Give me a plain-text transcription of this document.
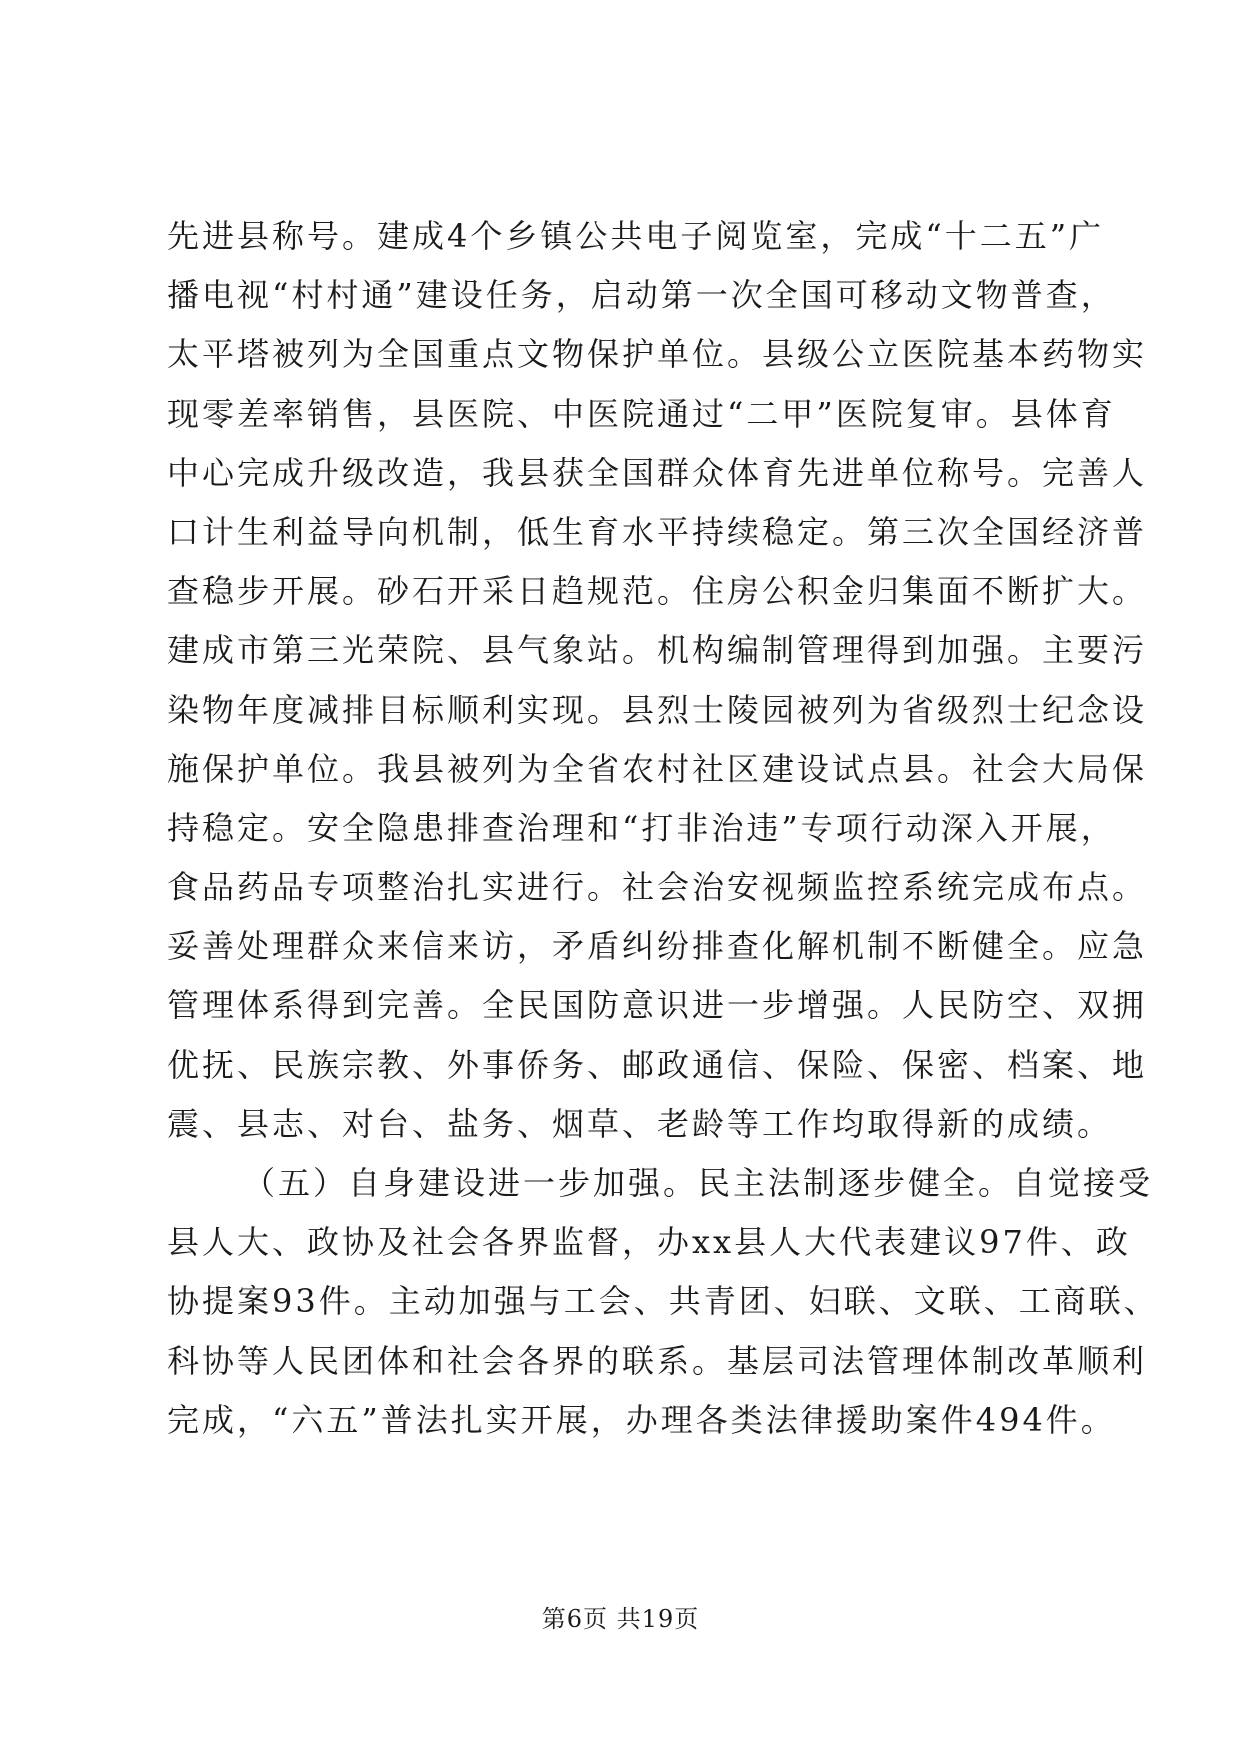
先进县称号。建成4个乡镇公共电子阅览室，完成“十二五”广
播电视“村村通”建设任务，启动第一次全国可移动文物普查，
太平塔被列为全国重点文物保护单位。县级公立医院基本药物实
现零差率销售，县医院、中医院通过“二甲”医院复审。县体育
中心完成升级改造，我县获全国群众体育先进单位称号。完善人
口计生利益导向机制，低生育水平持续稳定。第三次全国经济普
查稳步开展。砂石开采日趋规范。住房公积金归集面不断扩大。
建成市第三光荣院、县气象站。机构编制管理得到加强。主要污
染物年度减排目标顺利实现。县烈士陵园被列为省级烈士纪念设
施保护单位。我县被列为全省农村社区建设试点县。社会大局保
持稳定。安全隐患排查治理和“打非治违”专项行动深入开展，
食品药品专项整治扎实进行。社会治安视频监控系统完成布点。
妥善处理群众来信来访，矛盾纠纷排查化解机制不断健全。应急
管理体系得到完善。全民国防意识进一步增强。人民防空、双拥
优抚、民族宗教、外事侨务、邮政通信、保险、保密、档案、地
震、县志、对台、盐务、烟草、老龄等工作均取得新的成绩。
（五）自身建设进一步加强。民主法制逐步健全。自觉接受
县人大、政协及社会各界监督，办xx县人大代表建议97件、政
协提案93件。主动加强与工会、共青团、妇联、文联、工商联、
科协等人民团体和社会各界的联系。基层司法管理体制改革顺利
完成，“六五”普法扎实开展，办理各类法律援助案件494件。
第6页 共19页
